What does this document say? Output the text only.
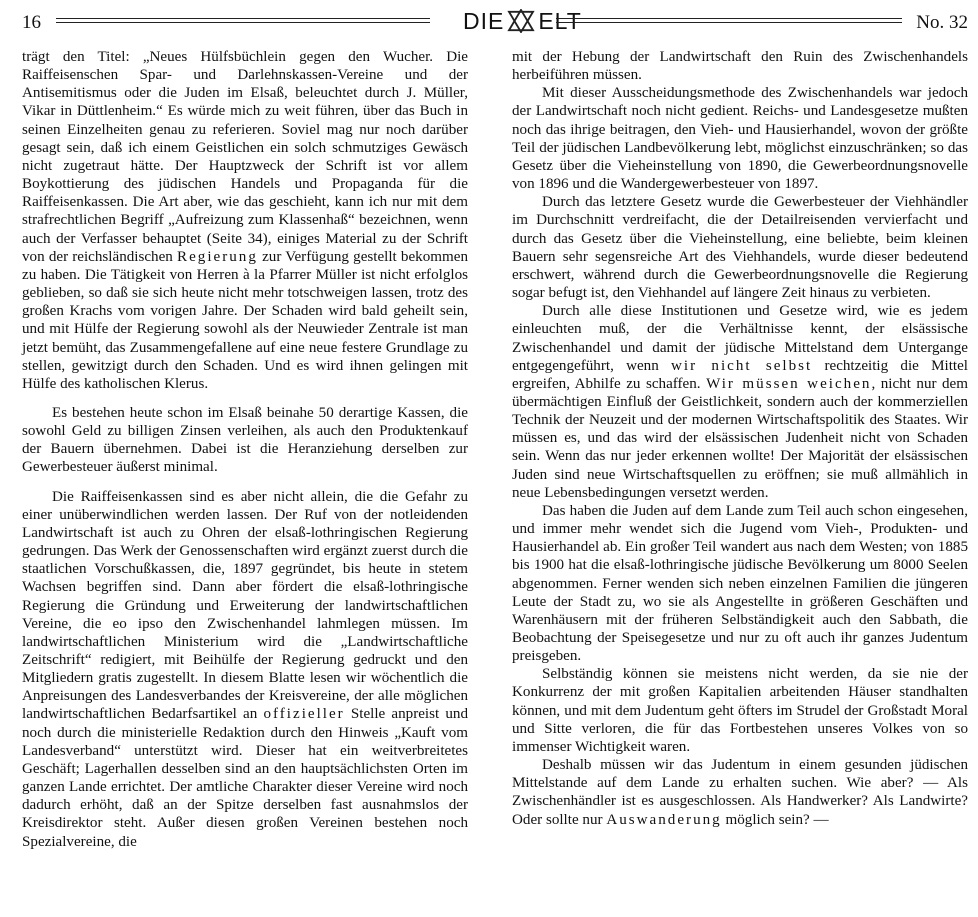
16	DIE ELT	No. 32

trägt den Titel: „Neues Hülfsbüchlein gegen den Wucher. Die Raiffeisenschen Spar- und Darlehnskassen-Vereine und der Antisemitismus oder die Juden im Elsaß, beleuchtet durch J. Müller, Vikar in Düttlenheim.“ Es würde mich zu weit führen, über das Buch in seinen Einzelheiten genau zu referieren. Soviel mag nur noch darüber gesagt sein, daß ich einem Geistlichen ein solch schmutziges Gewäsch nicht zugetraut hätte. Der Hauptzweck der Schrift ist vor allem Boykottierung des jüdischen Handels und Propaganda für die Raiffeisenkassen. Die Art aber, wie das geschieht, kann ich nur mit dem strafrechtlichen Begriff „Aufreizung zum Klassenhaß“ bezeichnen, wenn auch der Verfasser behauptet (Seite 34), einiges Material zu der Schrift von der reichsländischen Regierung zur Verfügung gestellt bekommen zu haben. Die Tätigkeit von Herren à la Pfarrer Müller ist nicht erfolglos geblieben, so daß sie sich heute nicht mehr totschweigen lassen, trotz des großen Krachs vom vorigen Jahre. Der Schaden wird bald geheilt sein, und mit Hülfe der Regierung sowohl als der Neuwieder Zentrale ist man jetzt bemüht, das Zusammengefallene auf eine neue festere Grundlage zu stellen, gewitzigt durch den Schaden. Und es wird ihnen gelingen mit Hülfe des katholischen Klerus.

Es bestehen heute schon im Elsaß beinahe 50 derartige Kassen, die sowohl Geld zu billigen Zinsen verleihen, als auch den Produktenkauf der Bauern übernehmen. Dabei ist die Heranziehung derselben zur Gewerbesteuer äußerst minimal.

Die Raiffeisenkassen sind es aber nicht allein, die die Gefahr zu einer unüberwindlichen werden lassen. Der Ruf von der notleidenden Landwirtschaft ist auch zu Ohren der elsaß-lothringischen Regierung gedrungen. Das Werk der Genossenschaften wird ergänzt zuerst durch die staatlichen Vorschußkassen, die, 1897 gegründet, bis heute in stetem Wachsen begriffen sind. Dann aber fördert die elsaß-lothringische Regierung die Gründung und Erweiterung der landwirtschaftlichen Vereine, die eo ipso den Zwischenhandel lahmlegen müssen. Im landwirtschaftlichen Ministerium wird die „Landwirtschaftliche Zeitschrift“ redigiert, mit Beihülfe der Regierung gedruckt und den Mitgliedern gratis zugestellt. In diesem Blatte lesen wir wöchentlich die Anpreisungen des Landesverbandes der Kreisvereine, der alle möglichen landwirtschaftlichen Bedarfsartikel an offizieller Stelle anpreist und noch durch die ministerielle Redaktion durch den Hinweis „Kauft vom Landesverband“ unterstützt wird. Dieser hat ein weitverbreitetes Geschäft; Lagerhallen desselben sind an den hauptsächlichsten Orten im ganzen Lande errichtet. Der amtliche Charakter dieser Vereine wird noch dadurch erhöht, daß an der Spitze derselben fast ausnahmslos der Kreisdirektor steht. Außer diesen großen Vereinen bestehen noch Spezialvereine, die

mit der Hebung der Landwirtschaft den Ruin des Zwischenhandels herbeiführen müssen.

Mit dieser Ausscheidungsmethode des Zwischenhandels war jedoch der Landwirtschaft noch nicht gedient. Reichs- und Landesgesetze mußten noch das ihrige beitragen, den Vieh- und Hausierhandel, wovon der größte Teil der jüdischen Landbevölkerung lebt, möglichst einzuschränken; so das Gesetz über die Vieheinstellung von 1890, die Gewerbeordnungsnovelle von 1896 und die Wandergewerbesteuer von 1897.

Durch das letztere Gesetz wurde die Gewerbesteuer der Viehhändler im Durchschnitt verdreifacht, die der Detailreisenden vervierfacht und durch das Gesetz über die Vieheinstellung, eine beliebte, beim kleinen Bauern sehr segensreiche Art des Viehhandels, wurde dieser bedeutend erschwert, während durch die Gewerbeordnungsnovelle die Regierung sogar befugt ist, den Viehhandel auf längere Zeit hinaus zu verbieten.

Durch alle diese Institutionen und Gesetze wird, wie es jedem einleuchten muß, der die Verhältnisse kennt, der elsässische Zwischenhandel und damit der jüdische Mittelstand dem Untergange entgegengeführt, wenn wir nicht selbst rechtzeitig die Mittel ergreifen, Abhilfe zu schaffen. Wir müssen weichen, nicht nur dem übermächtigen Einfluß der Geistlichkeit, sondern auch der kommerziellen Technik der Neuzeit und der modernen Wirtschaftspolitik des Staates. Wir müssen es, und das wird der elsässischen Judenheit nicht von Schaden sein. Wenn das nur jeder erkennen wollte! Der Majorität der elsässischen Juden sind neue Wirtschaftsquellen zu eröffnen; sie muß allmählich in neue Lebensbedingungen versetzt werden.

Das haben die Juden auf dem Lande zum Teil auch schon eingesehen, und immer mehr wendet sich die Jugend vom Vieh-, Produkten- und Hausierhandel ab. Ein großer Teil wandert aus nach dem Westen; von 1885 bis 1900 hat die elsaß-lothringische jüdische Bevölkerung um 8000 Seelen abgenommen. Ferner wenden sich neben einzelnen Familien die jüngeren Leute der Stadt zu, wo sie als Angestellte in größeren Geschäften und Warenhäusern mit der früheren Selbständigkeit auch den Sabbath, die Beobachtung der Speisegesetze und nur zu oft auch ihr ganzes Judentum preisgeben.

Selbständig können sie meistens nicht werden, da sie nie der Konkurrenz der mit großen Kapitalien arbeitenden Häuser standhalten können, und mit dem Judentum geht öfters im Strudel der Großstadt Moral und Sitte verloren, die für das Fortbestehen unseres Volkes von so immenser Wichtigkeit waren.

Deshalb müssen wir das Judentum in einem gesunden jüdischen Mittelstande auf dem Lande zu erhalten suchen. Wie aber? — Als Zwischenhändler ist es ausgeschlossen. Als Handwerker? Als Landwirte? Oder sollte nur Auswanderung möglich sein? —
